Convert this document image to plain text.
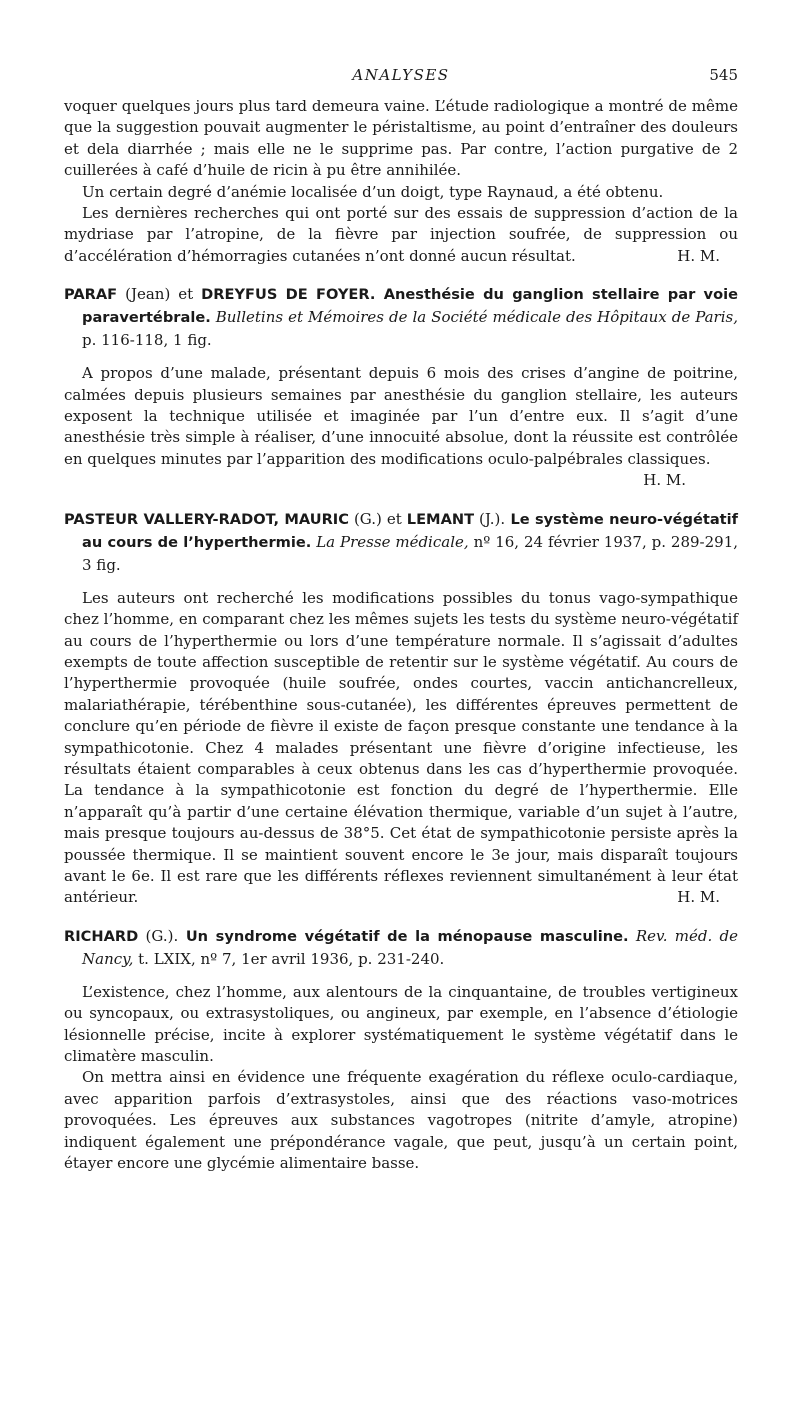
ANALYSES	545

voquer quelques jours plus tard demeura vaine. L’étude radiologique a montré de même que la suggestion pouvait augmenter le péristaltisme, au point d’entraîner des douleurs et dela diarrhée ; mais elle ne le supprime pas. Par contre, l’action purgative de 2 cuillerées à café d’huile de ricin à pu être annihilée.

Un certain degré d’anémie localisée d’un doigt, type Raynaud, a été obtenu.

Les dernières recherches qui ont porté sur des essais de suppression d’action de la mydriase par l’atropine, de la fièvre par injection soufrée, de suppression ou d’accélération d’hémorragies cutanées n’ont donné aucun résultat.	H. M.

PARAF (Jean) et DREYFUS DE FOYER. Anesthésie du ganglion stellaire par voie paravertébrale. Bulletins et Mémoires de la Société médicale des Hôpitaux de Paris, p. 116-118, 1 fig.

A propos d’une malade, présentant depuis 6 mois des crises d’angine de poitrine, calmées depuis plusieurs semaines par anesthésie du ganglion stellaire, les auteurs exposent la technique utilisée et imaginée par l’un d’entre eux. Il s’agit d’une anesthésie très simple à réaliser, d’une innocuité absolue, dont la réussite est contrôlée en quelques minutes par l’apparition des modifications oculo-palpébrales classiques.

H. M.
PASTEUR VALLERY-RADOT, MAURIC (G.) et LEMANT (J.). Le système neuro-végétatif au cours de l’hyperthermie. La Presse médicale, nº 16, 24 février 1937, p. 289-291, 3 fig.

Les auteurs ont recherché les modifications possibles du tonus vago-sympathique chez l’homme, en comparant chez les mêmes sujets les tests du système neuro-végétatif au cours de l’hyperthermie ou lors d’une température normale. Il s’agissait d’adultes exempts de toute affection susceptible de retentir sur le système végétatif. Au cours de l’hyperthermie provoquée (huile soufrée, ondes courtes, vaccin antichancrelleux, malariathérapie, térébenthine sous-cutanée), les différentes épreuves permettent de conclure qu’en période de fièvre il existe de façon presque constante une tendance à la sympathicotonie. Chez 4 malades présentant une fièvre d’origine infectieuse, les résultats étaient comparables à ceux obtenus dans les cas d’hyperthermie provoquée. La tendance à la sympathicotonie est fonction du degré de l’hyperthermie. Elle n’apparaît qu’à partir d’une certaine élévation thermique, variable d’un sujet à l’autre, mais presque toujours au-dessus de 38°5. Cet état de sympathicotonie persiste après la poussée thermique. Il se maintient souvent encore le 3e jour, mais disparaît toujours avant le 6e. Il est rare que les différents réflexes reviennent simultanément à leur état antérieur.	H. M.

RICHARD (G.). Un syndrome végétatif de la ménopause masculine. Rev. méd. de Nancy, t. LXIX, nº 7, 1er avril 1936, p. 231-240.

L’existence, chez l’homme, aux alentours de la cinquantaine, de troubles vertigineux ou syncopaux, ou extrasystoliques, ou angineux, par exemple, en l’absence d’étiologie lésionnelle précise, incite à explorer systématiquement le système végétatif dans le climatère masculin.

On mettra ainsi en évidence une fréquente exagération du réflexe oculo-cardiaque, avec apparition parfois d’extrasystoles, ainsi que des réactions vaso-motrices provoquées. Les épreuves aux substances vagotropes (nitrite d’amyle, atropine) indiquent également une prépondérance vagale, que peut, jusqu’à un certain point, étayer encore une glycémie alimentaire basse.
